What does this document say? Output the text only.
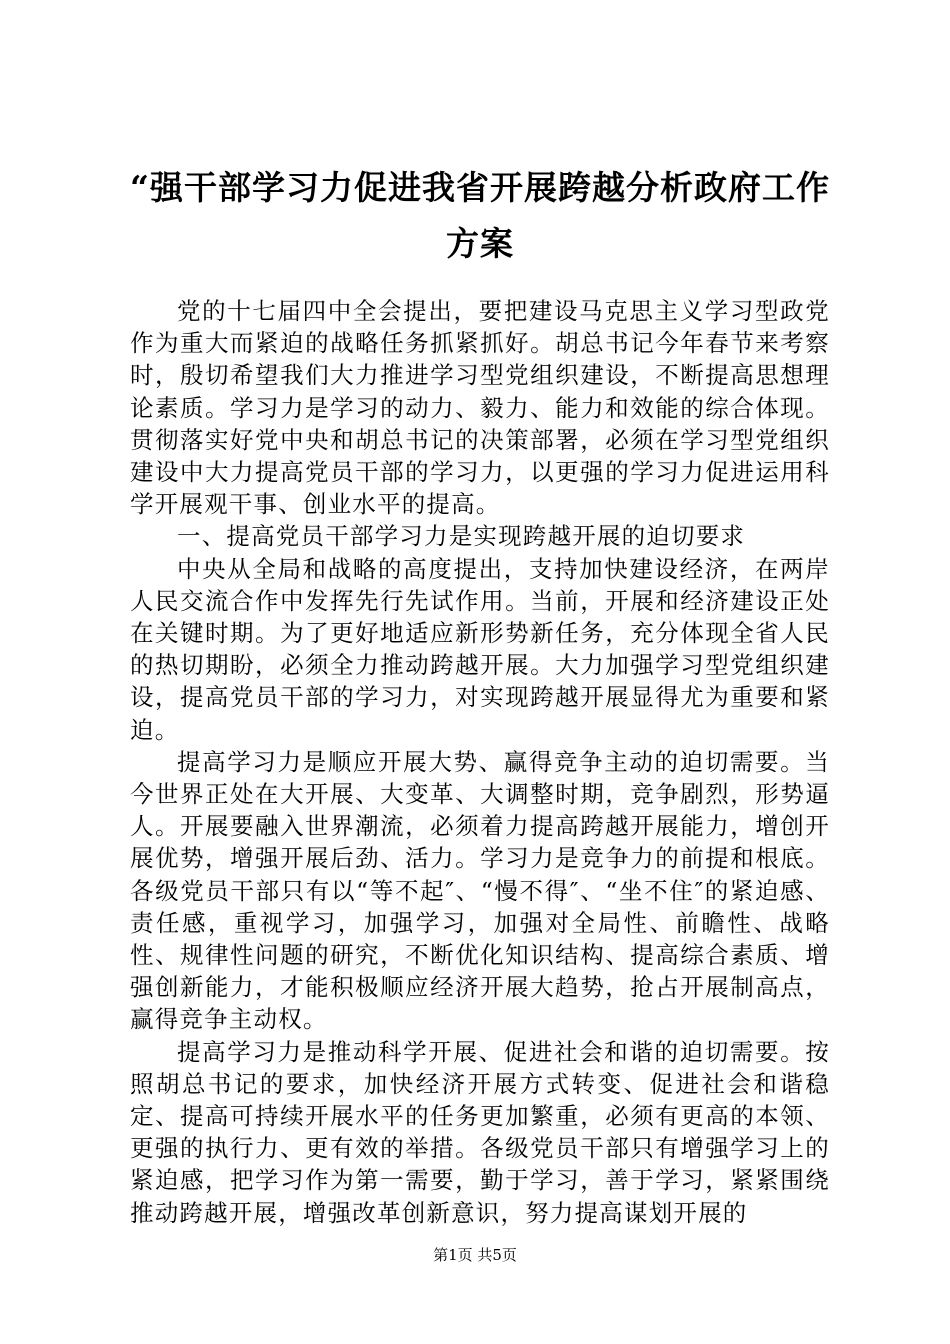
“强干部学习力促进我省开展跨越分析政府工作方案

党的十七届四中全会提出，要把建设马克思主义学习型政党作为重大而紧迫的战略任务抓紧抓好。胡总书记今年春节来考察时，殷切希望我们大力推进学习型党组织建设，不断提高思想理论素质。学习力是学习的动力、毅力、能力和效能的综合体现。贯彻落实好党中央和胡总书记的决策部署，必须在学习型党组织建设中大力提高党员干部的学习力，以更强的学习力促进运用科学开展观干事、创业水平的提高。

一、提高党员干部学习力是实现跨越开展的迫切要求

中央从全局和战略的高度提出，支持加快建设经济，在两岸人民交流合作中发挥先行先试作用。当前，开展和经济建设正处在关键时期。为了更好地适应新形势新任务，充分体现全省人民的热切期盼，必须全力推动跨越开展。大力加强学习型党组织建设，提高党员干部的学习力，对实现跨越开展显得尤为重要和紧迫。

提高学习力是顺应开展大势、赢得竞争主动的迫切需要。当今世界正处在大开展、大变革、大调整时期，竞争剧烈，形势逼人。开展要融入世界潮流，必须着力提高跨越开展能力，增创开展优势，增强开展后劲、活力。学习力是竞争力的前提和根底。各级党员干部只有以“等不起″、“慢不得″、“坐不住″的紧迫感、责任感，重视学习，加强学习，加强对全局性、前瞻性、战略性、规律性问题的研究，不断优化知识结构、提高综合素质、增强创新能力，才能积极顺应经济开展大趋势，抢占开展制高点，赢得竞争主动权。

提高学习力是推动科学开展、促进社会和谐的迫切需要。按照胡总书记的要求，加快经济开展方式转变、促进社会和谐稳定、提高可持续开展水平的任务更加繁重，必须有更高的本领、更强的执行力、更有效的举措。各级党员干部只有增强学习上的紧迫感，把学习作为第一需要，勤于学习，善于学习，紧紧围绕推动跨越开展，增强改革创新意识，努力提高谋划开展的

第1页 共5页
